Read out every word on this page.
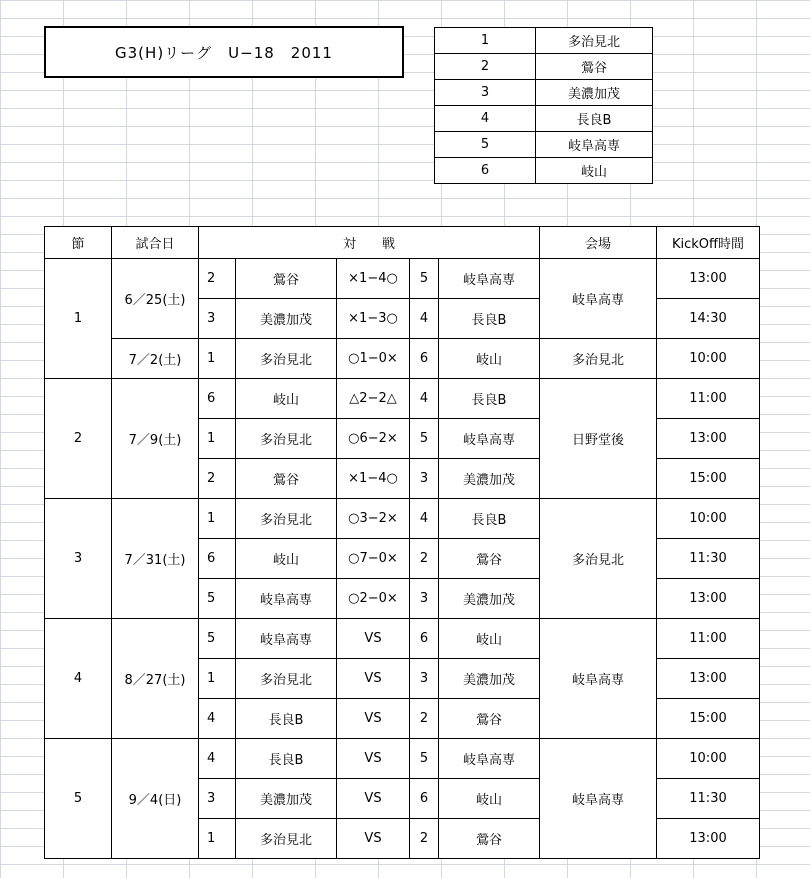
G3(H)リーグ　U−18　2011
1	多治見北
2	鶯谷
3	美濃加茂
4	長良B
5	岐阜高専
6	岐山
節	試合日	対　　戦					会場	KickOff時間
1	6／25(土)	2	鶯谷	×1−4○	5	岐阜高専	岐阜高専	13:00
		3	美濃加茂	×1−3○	4	長良B		14:30
	7／2(土)	1	多治見北	○1−0×	6	岐山	多治見北	10:00
2	7／9(土)	6	岐山	△2−2△	4	長良B	日野堂後	11:00
		1	多治見北	○6−2×	5	岐阜高専		13:00
		2	鶯谷	×1−4○	3	美濃加茂		15:00
3	7／31(土)	1	多治見北	○3−2×	4	長良B	多治見北	10:00
		6	岐山	○7−0×	2	鶯谷		11:30
		5	岐阜高専	○2−0×	3	美濃加茂		13:00
4	8／27(土)	5	岐阜高専	VS	6	岐山	岐阜高専	11:00
		1	多治見北	VS	3	美濃加茂		13:00
		4	長良B	VS	2	鶯谷		15:00
5	9／4(日)	4	長良B	VS	5	岐阜高専	岐阜高専	10:00
		3	美濃加茂	VS	6	岐山		11:30
		1	多治見北	VS	2	鶯谷		13:00
